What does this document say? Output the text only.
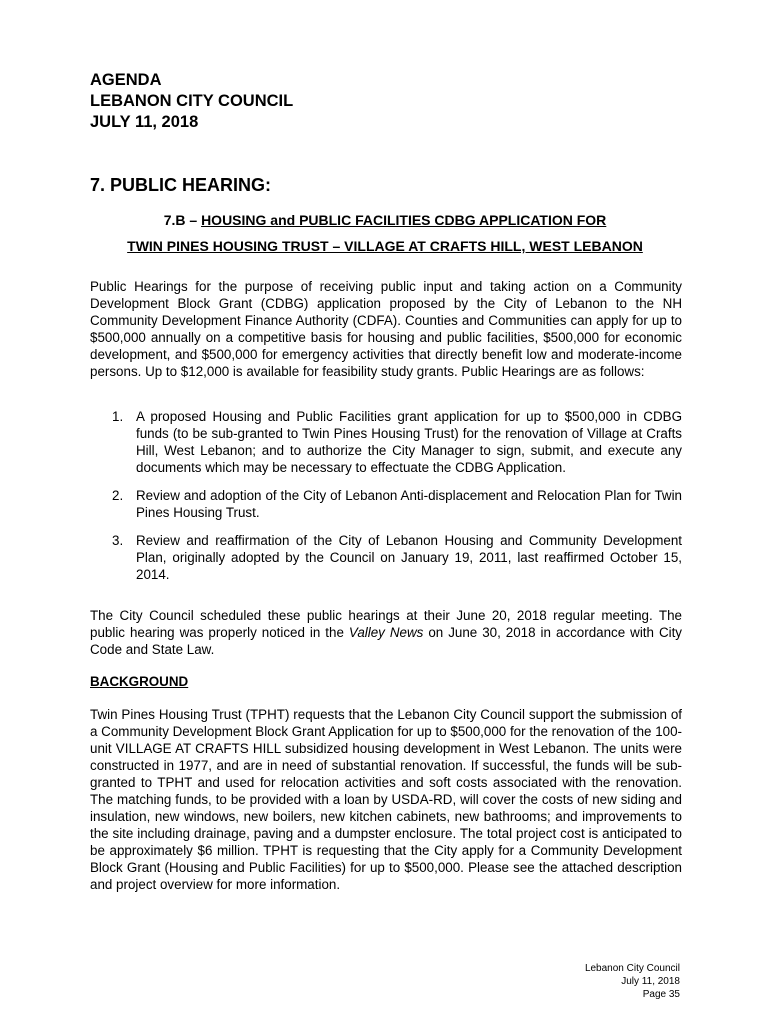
AGENDA
LEBANON CITY COUNCIL
JULY 11, 2018
7. PUBLIC HEARING:
7.B – HOUSING and PUBLIC FACILITIES CDBG APPLICATION FOR
TWIN PINES HOUSING TRUST – VILLAGE AT CRAFTS HILL, WEST LEBANON

Public Hearings for the purpose of receiving public input and taking action on a Community Development Block Grant (CDBG) application proposed by the City of Lebanon to the NH Community Development Finance Authority (CDFA). Counties and Communities can apply for up to $500,000 annually on a competitive basis for housing and public facilities, $500,000 for economic development, and $500,000 for emergency activities that directly benefit low and moderate-income persons. Up to $12,000 is available for feasibility study grants. Public Hearings are as follows:

1. A proposed Housing and Public Facilities grant application for up to $500,000 in CDBG funds (to be sub-granted to Twin Pines Housing Trust) for the renovation of Village at Crafts Hill, West Lebanon; and to authorize the City Manager to sign, submit, and execute any documents which may be necessary to effectuate the CDBG Application.
2. Review and adoption of the City of Lebanon Anti-displacement and Relocation Plan for Twin Pines Housing Trust.
3. Review and reaffirmation of the City of Lebanon Housing and Community Development Plan, originally adopted by the Council on January 19, 2011, last reaffirmed October 15, 2014.

The City Council scheduled these public hearings at their June 20, 2018 regular meeting. The public hearing was properly noticed in the Valley News on June 30, 2018 in accordance with City Code and State Law.

BACKGROUND

Twin Pines Housing Trust (TPHT) requests that the Lebanon City Council support the submission of a Community Development Block Grant Application for up to $500,000 for the renovation of the 100-unit VILLAGE AT CRAFTS HILL subsidized housing development in West Lebanon. The units were constructed in 1977, and are in need of substantial renovation. If successful, the funds will be sub-granted to TPHT and used for relocation activities and soft costs associated with the renovation. The matching funds, to be provided with a loan by USDA-RD, will cover the costs of new siding and insulation, new windows, new boilers, new kitchen cabinets, new bathrooms; and improvements to the site including drainage, paving and a dumpster enclosure. The total project cost is anticipated to be approximately $6 million. TPHT is requesting that the City apply for a Community Development Block Grant (Housing and Public Facilities) for up to $500,000. Please see the attached description and project overview for more information.

Lebanon City Council
July 11, 2018
Page 35
